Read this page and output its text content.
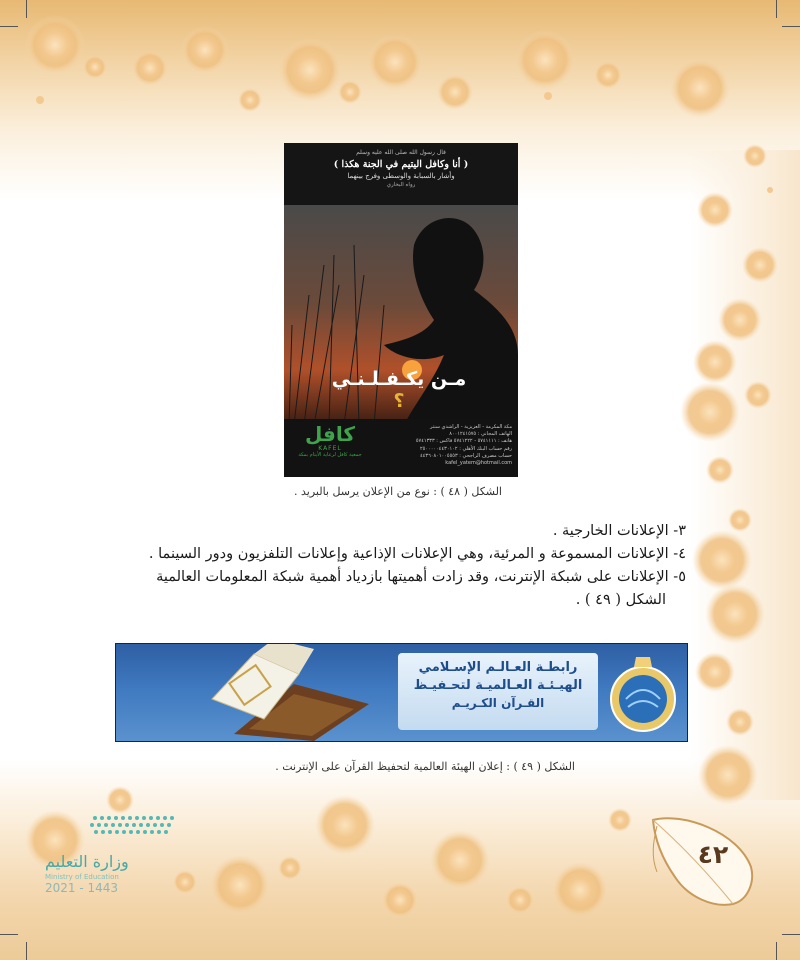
قال رسول الله صلى الله عليه وسلم
( أنا وكافل اليتيم في الجنة هكذا )
وأشار بالسبابة والوسطى وفرج بينهما
رواه البخاري
مـن يكـفـلـنـي ؟
مكة المكرمة - العزيزية - الراشدي سنتر
الهاتف المجاني : ٨٠٠١٢٤١٥٧٥
هاتف : ٥٧٤١١١١ - ٥٧٤١٢٢٢ فاكس : ٥٧٤١٣٣٣
رقم حساب البنك الأهلي : ٢٥٠٠٠٠٠٤٤٣٠١٠٢
حساب مصرف الراجحي : ٤٤٣٦٠٨٠١٠٠٥٥٥٣
kafel_yatem@hotmail.com
كافل
KAFEL
جمعية كافل لرعاية الأيتام بمكة
الشكل ( ٤٨ ) : نوع من الإعلان يرسل بالبريد .

٣- الإعلانات الخارجية .

٤- الإعلانات المسموعة و المرئية، وهي الإعلانات الإذاعية وإعلانات التلفزيون ودور السينما .

٥- الإعلانات على شبكة الإنترنت، وقد زادت أهميتها بازدياد أهمية شبكة المعلومات العالمية

الشكل ( ٤٩ ) .

رابطـة العـالـم الإسـلامي
الهيـئـة العـالميـة لتحـفيـظ
القـرآن الكـريـم
الشكل ( ٤٩ ) : إعلان الهيئة العالمية لتحفيظ القرآن على الإنترنت .
وزارة التعليم
Ministry of Education
2021 - 1443
٤٢
